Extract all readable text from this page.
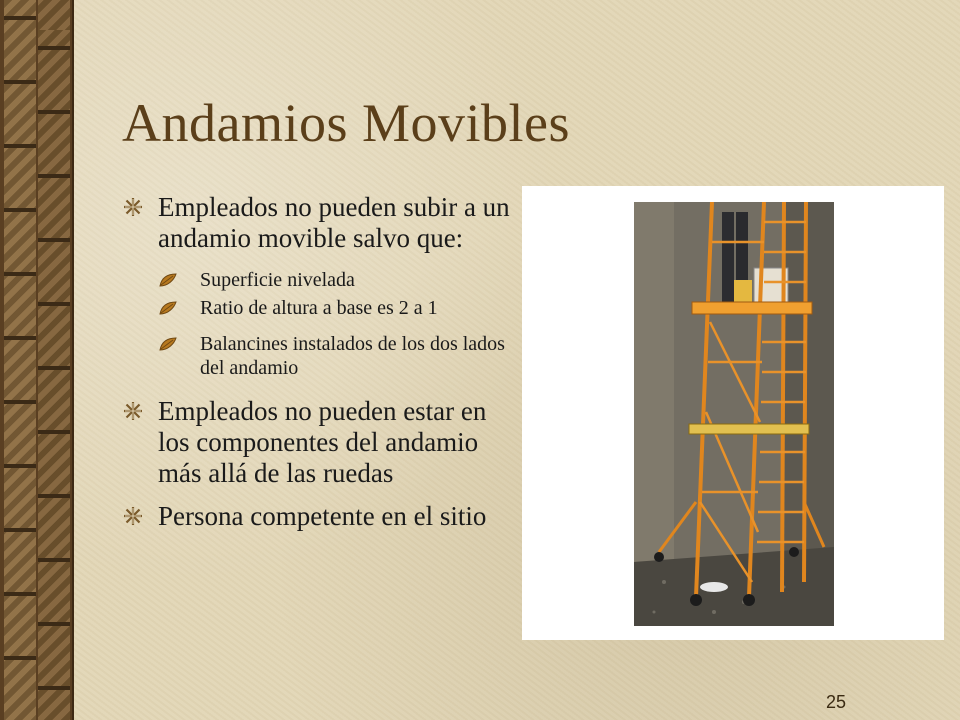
Andamios Movibles
Empleados no pueden subir a un andamio movible salvo que:
Superficie nivelada
Ratio de altura a base es 2 a 1
Balancines instalados de los dos lados del andamio
Empleados no pueden estar en los componentes del andamio más allá de las ruedas
Persona competente en el sitio
25
